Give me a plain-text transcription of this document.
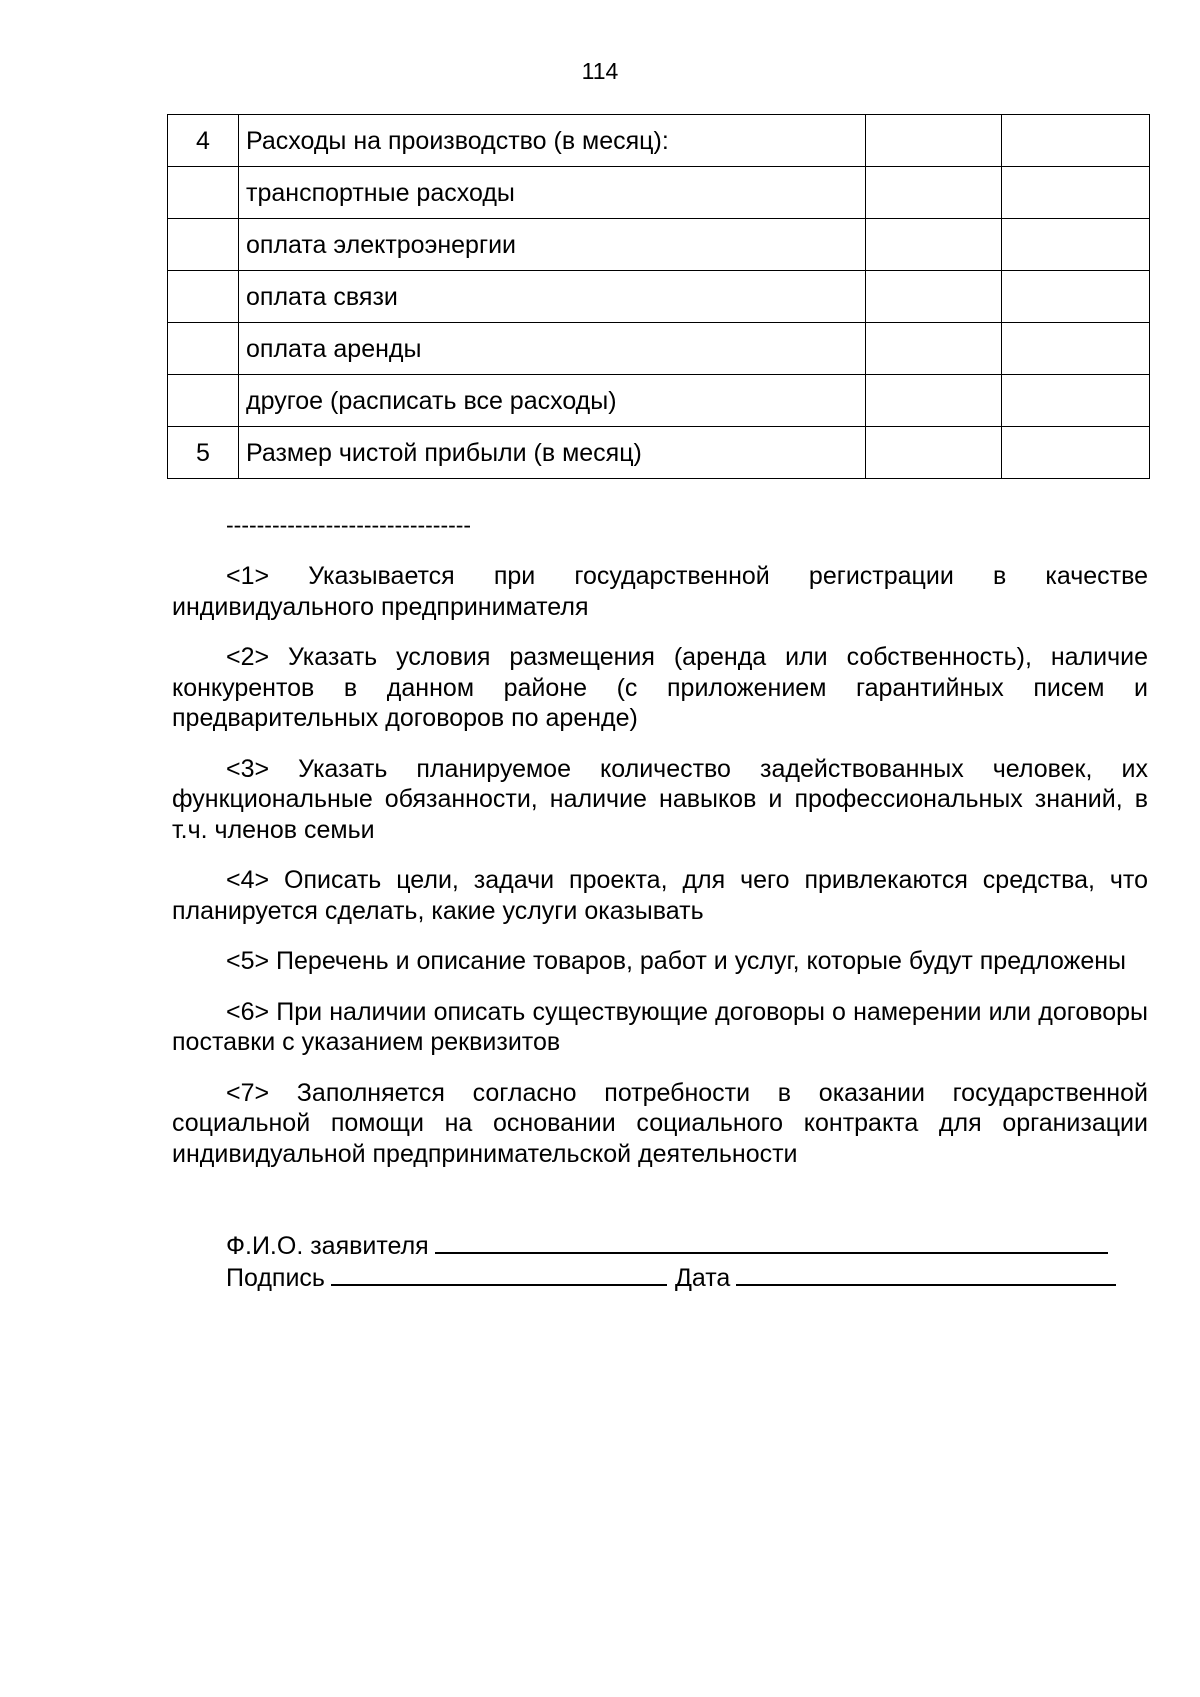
114
4	Расходы на производство (в месяц):		
	транспортные расходы		
	оплата электроэнергии		
	оплата связи		
	оплата аренды		
	другое (расписать все расходы)		
5	Размер чистой прибыли (в месяц)		
--------------------------------

<1> Указывается при государственной регистрации в качестве индивидуального предпринимателя

<2> Указать условия размещения (аренда или собственность), наличие конкурентов в данном районе (с приложением гарантийных писем и предварительных договоров по аренде)

<3> Указать планируемое количество задействованных человек, их функциональные обязанности, наличие навыков и профессиональных знаний, в т.ч. членов семьи

<4> Описать цели, задачи проекта, для чего привлекаются средства, что планируется сделать, какие услуги оказывать

<5> Перечень и описание товаров, работ и услуг, которые будут предложены

<6> При наличии описать существующие договоры о намерении или договоры поставки с указанием реквизитов

<7> Заполняется согласно потребности в оказании государственной социальной помощи на основании социального контракта для организации индивидуальной предпринимательской деятельности

Ф.И.О. заявителя
Подпись	Дата
